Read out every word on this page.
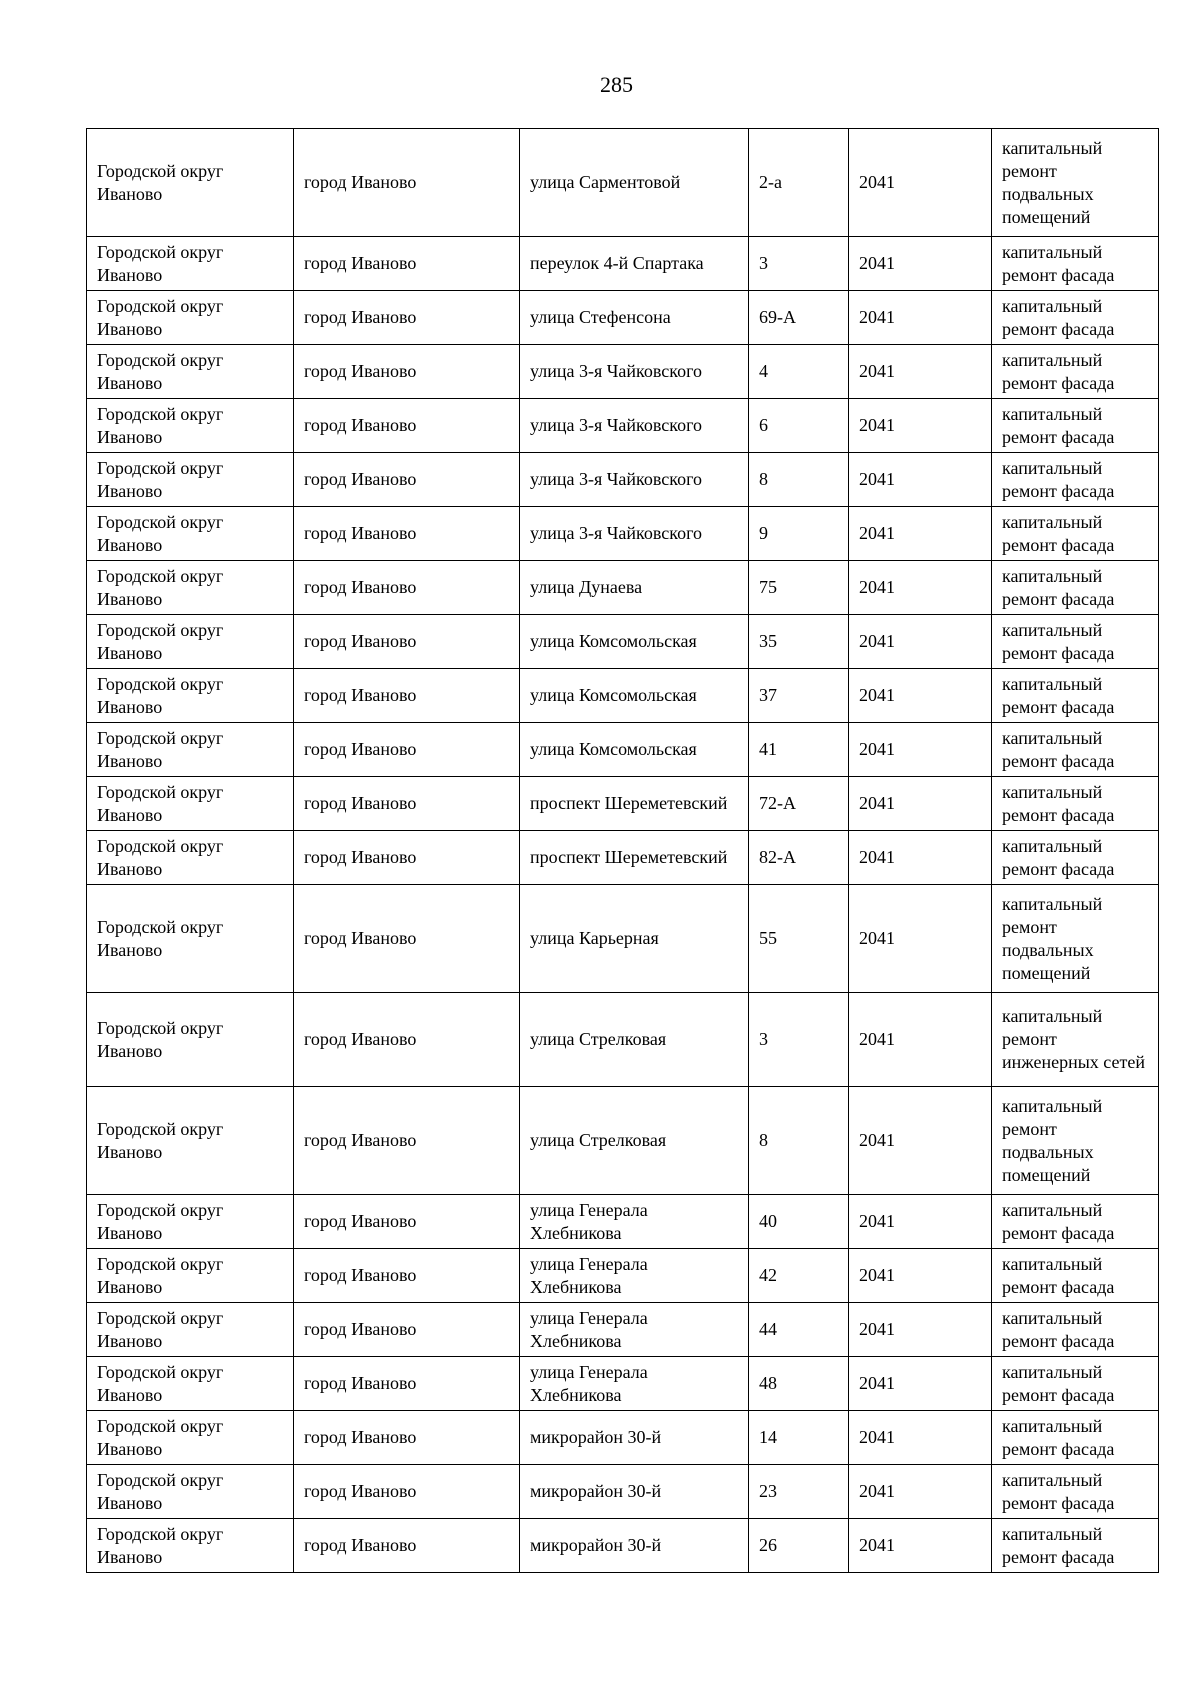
285
Городской округ Иваново	город Иваново	улица Сарментовой	2-а	2041	капитальный ремонт подвальных помещений
Городской округ Иваново	город Иваново	переулок 4-й Спартака	3	2041	капитальный ремонт фасада
Городской округ Иваново	город Иваново	улица Стефенсона	69-А	2041	капитальный ремонт фасада
Городской округ Иваново	город Иваново	улица 3-я Чайковского	4	2041	капитальный ремонт фасада
Городской округ Иваново	город Иваново	улица 3-я Чайковского	6	2041	капитальный ремонт фасада
Городской округ Иваново	город Иваново	улица 3-я Чайковского	8	2041	капитальный ремонт фасада
Городской округ Иваново	город Иваново	улица 3-я Чайковского	9	2041	капитальный ремонт фасада
Городской округ Иваново	город Иваново	улица Дунаева	75	2041	капитальный ремонт фасада
Городской округ Иваново	город Иваново	улица Комсомольская	35	2041	капитальный ремонт фасада
Городской округ Иваново	город Иваново	улица Комсомольская	37	2041	капитальный ремонт фасада
Городской округ Иваново	город Иваново	улица Комсомольская	41	2041	капитальный ремонт фасада
Городской округ Иваново	город Иваново	проспект Шереметевский	72-А	2041	капитальный ремонт фасада
Городской округ Иваново	город Иваново	проспект Шереметевский	82-А	2041	капитальный ремонт фасада
Городской округ Иваново	город Иваново	улица Карьерная	55	2041	капитальный ремонт подвальных помещений
Городской округ Иваново	город Иваново	улица Стрелковая	3	2041	капитальный ремонт инженерных сетей
Городской округ Иваново	город Иваново	улица Стрелковая	8	2041	капитальный ремонт подвальных помещений
Городской округ Иваново	город Иваново	улица Генерала Хлебникова	40	2041	капитальный ремонт фасада
Городской округ Иваново	город Иваново	улица Генерала Хлебникова	42	2041	капитальный ремонт фасада
Городской округ Иваново	город Иваново	улица Генерала Хлебникова	44	2041	капитальный ремонт фасада
Городской округ Иваново	город Иваново	улица Генерала Хлебникова	48	2041	капитальный ремонт фасада
Городской округ Иваново	город Иваново	микрорайон 30-й	14	2041	капитальный ремонт фасада
Городской округ Иваново	город Иваново	микрорайон 30-й	23	2041	капитальный ремонт фасада
Городской округ Иваново	город Иваново	микрорайон 30-й	26	2041	капитальный ремонт фасада
